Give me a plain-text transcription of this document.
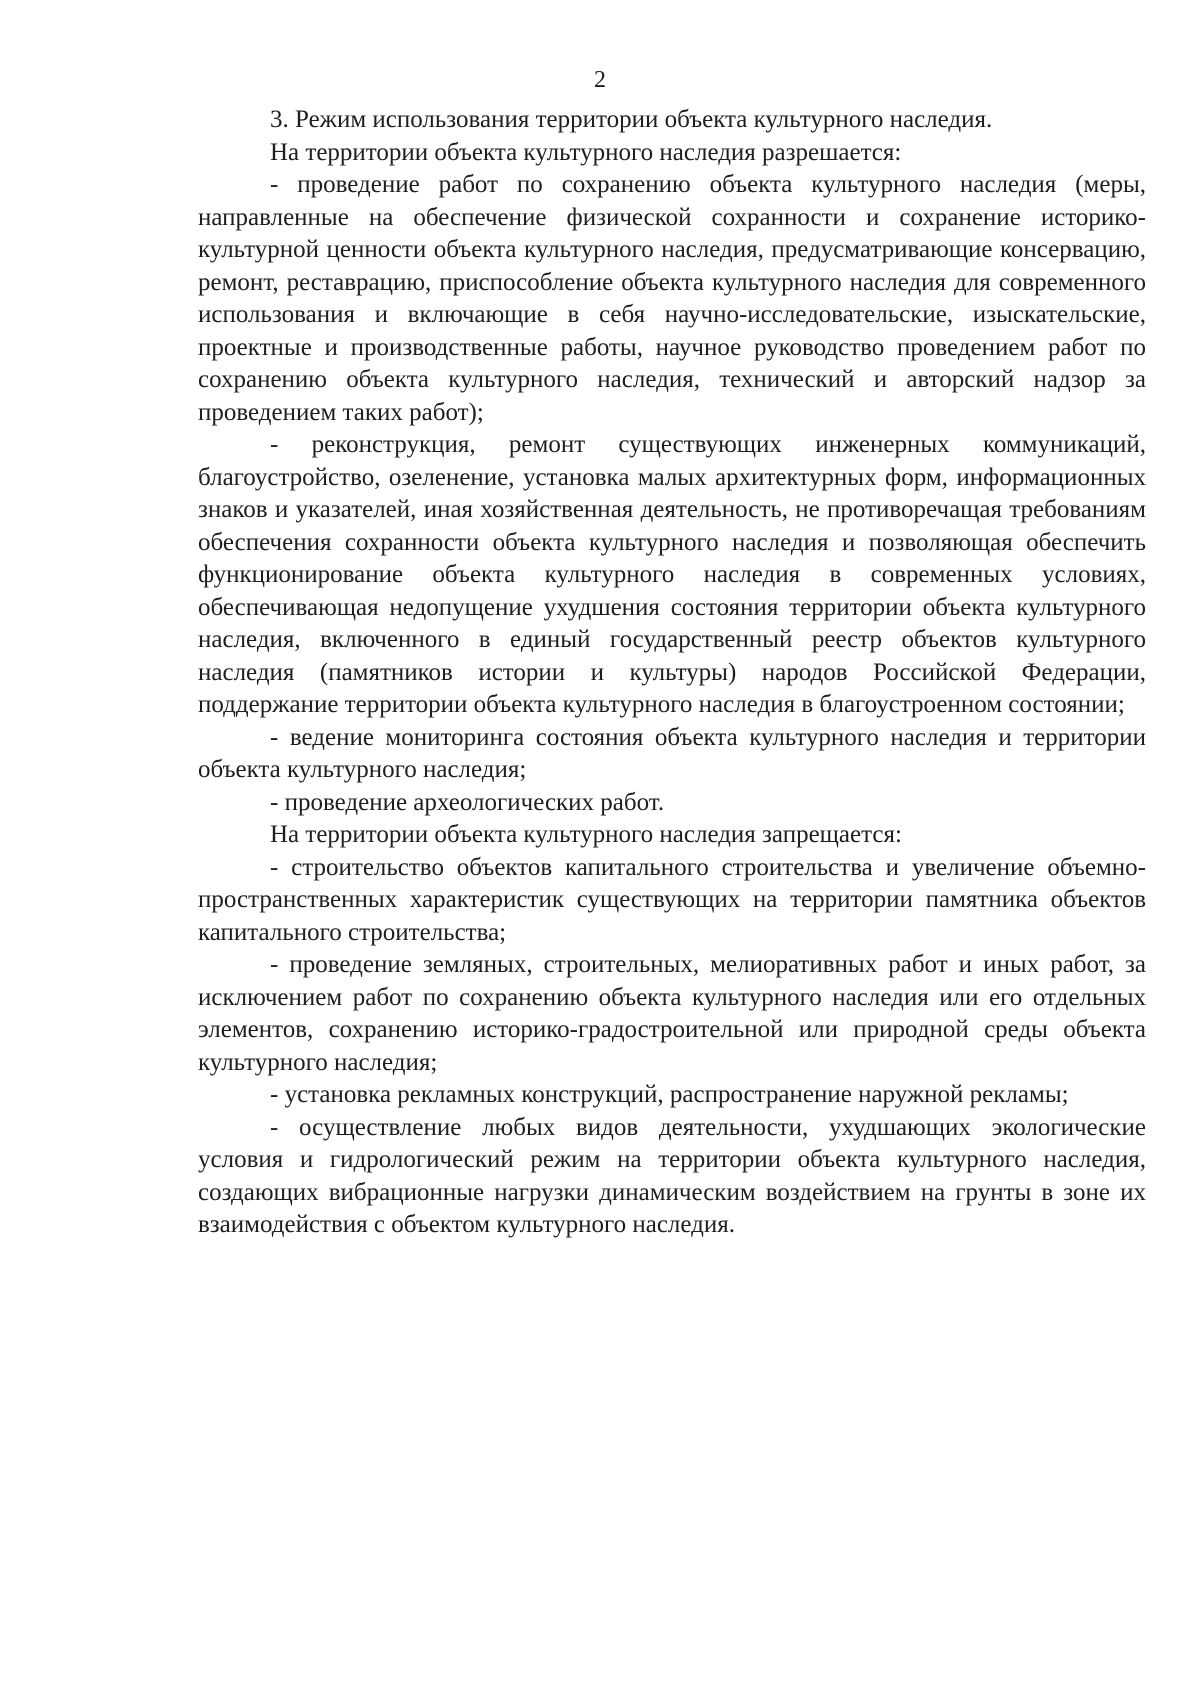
2

3. Режим использования территории объекта культурного наследия.

На территории объекта культурного наследия разрешается:

- проведение работ по сохранению объекта культурного наследия (меры, направленные на обеспечение физической сохранности и сохранение историко-культурной ценности объекта культурного наследия, предусматривающие консервацию, ремонт, реставрацию, приспособление объекта культурного наследия для современного использования и включающие в себя научно-исследовательские, изыскательские, проектные и производственные работы, научное руководство проведением работ по сохранению объекта культурного наследия, технический и авторский надзор за проведением таких работ);

- реконструкция, ремонт существующих инженерных коммуникаций, благоустройство, озеленение, установка малых архитектурных форм, информационных знаков и указателей, иная хозяйственная деятельность, не противоречащая требованиям обеспечения сохранности объекта культурного наследия и позволяющая обеспечить функционирование объекта культурного наследия в современных условиях, обеспечивающая недопущение ухудшения состояния территории объекта культурного наследия, включенного в единый государственный реестр объектов культурного наследия (памятников истории и культуры) народов Российской Федерации, поддержание территории объекта культурного наследия в благоустроенном состоянии;

- ведение мониторинга состояния объекта культурного наследия и территории объекта культурного наследия;

- проведение археологических работ.

На территории объекта культурного наследия запрещается:

- строительство объектов капитального строительства и увеличение объемно-пространственных характеристик существующих на территории памятника объектов капитального строительства;

- проведение земляных, строительных, мелиоративных работ и иных работ, за исключением работ по сохранению объекта культурного наследия или его отдельных элементов, сохранению историко-градостроительной или природной среды объекта культурного наследия;

- установка рекламных конструкций, распространение наружной рекламы;

- осуществление любых видов деятельности, ухудшающих экологические условия и гидрологический режим на территории объекта культурного наследия, создающих вибрационные нагрузки динамическим воздействием на грунты в зоне их взаимодействия с объектом культурного наследия.
